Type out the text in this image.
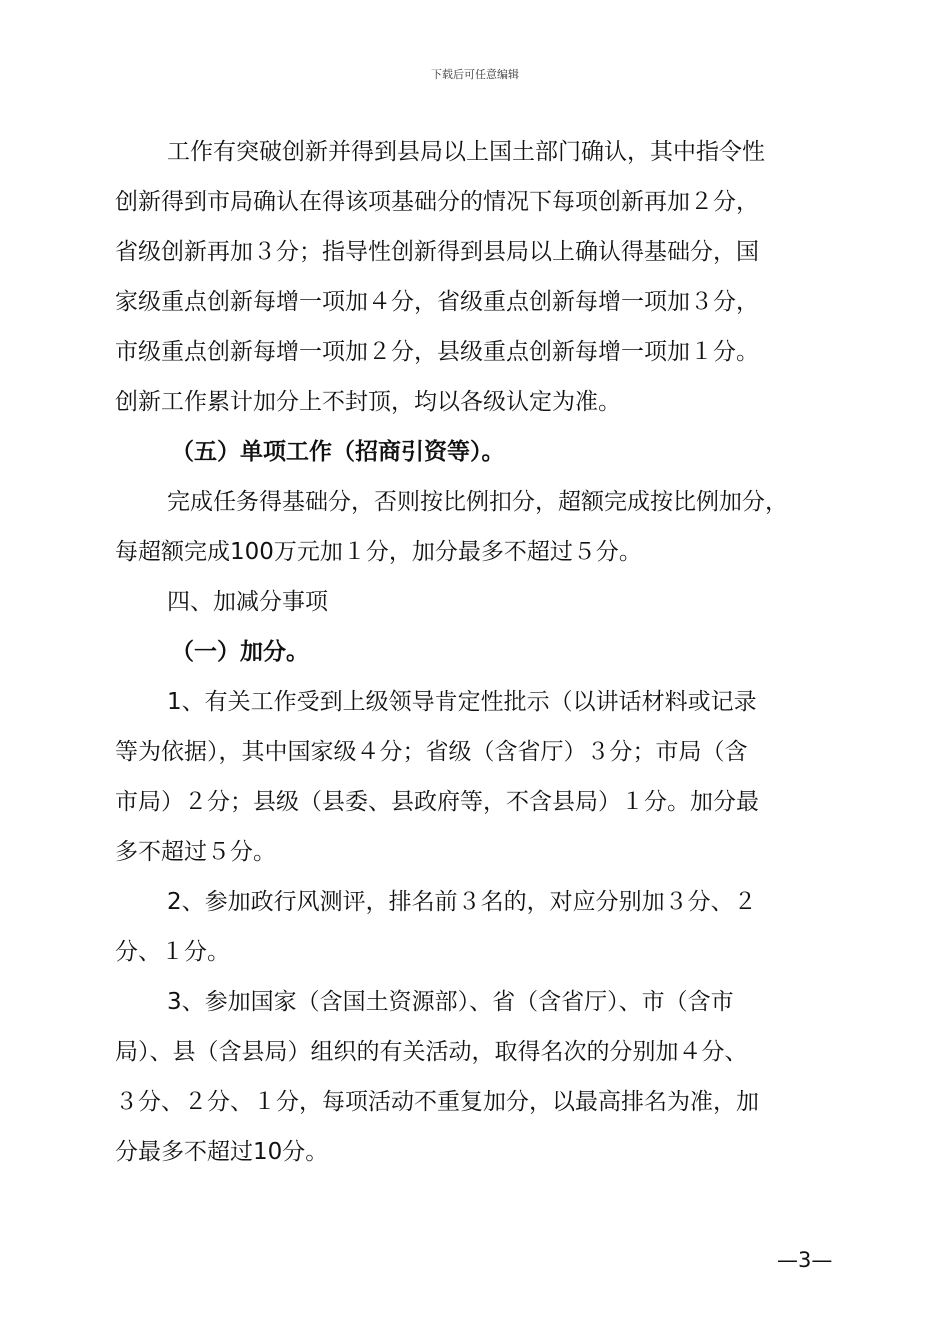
下载后可任意编辑

工作有突破创新并得到县局以上国土部门确认，其中指令性

创新得到市局确认在得该项基础分的情况下每项创新再加２分，

省级创新再加３分；指导性创新得到县局以上确认得基础分，国

家级重点创新每增一项加４分，省级重点创新每增一项加３分，

市级重点创新每增一项加２分，县级重点创新每增一项加１分。

创新工作累计加分上不封顶，均以各级认定为准。

（五）单项工作（招商引资等）。

完成任务得基础分，否则按比例扣分，超额完成按比例加分，

每超额完成100万元加１分，加分最多不超过５分。

四、加减分事项

（一）加分。

1、有关工作受到上级领导肯定性批示（以讲话材料或记录

等为依据），其中国家级４分；省级（含省厅）３分；市局（含

市局）２分；县级（县委、县政府等，不含县局）１分。加分最

多不超过５分。

2、参加政行风测评，排名前３名的，对应分别加３分、２

分、１分。

3、参加国家（含国土资源部）、省（含省厅）、市（含市

局）、县（含县局）组织的有关活动，取得名次的分别加４分、

３分、２分、１分，每项活动不重复加分，以最高排名为准，加

分最多不超过10分。

—3—
